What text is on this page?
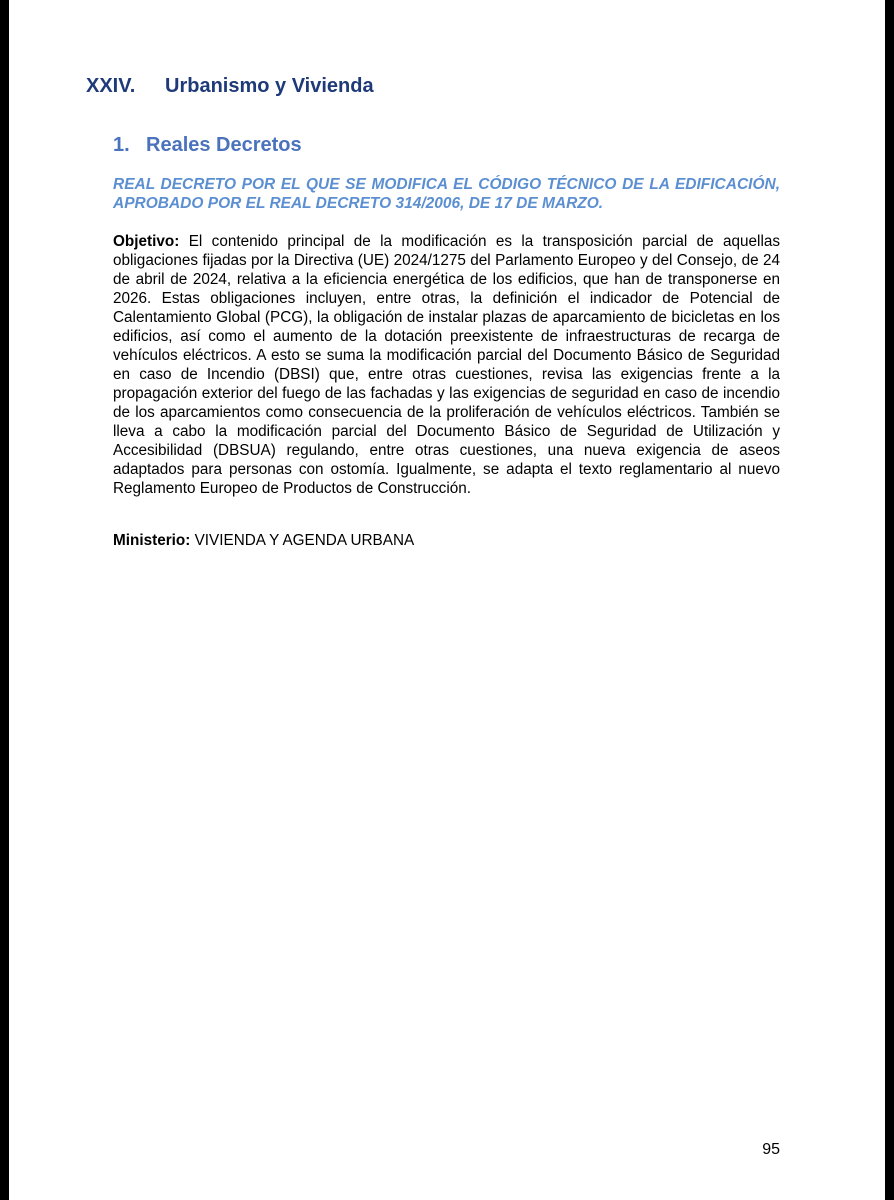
XXIV. Urbanismo y Vivienda
1. Reales Decretos

REAL DECRETO POR EL QUE SE MODIFICA EL CÓDIGO TÉCNICO DE LA EDIFICACIÓN, APROBADO POR EL REAL DECRETO 314/2006, DE 17 DE MARZO.

Objetivo: El contenido principal de la modificación es la transposición parcial de aquellas obligaciones fijadas por la Directiva (UE) 2024/1275 del Parlamento Europeo y del Consejo, de 24 de abril de 2024, relativa a la eficiencia energética de los edificios, que han de transponerse en 2026. Estas obligaciones incluyen, entre otras, la definición el indicador de Potencial de Calentamiento Global (PCG), la obligación de instalar plazas de aparcamiento de bicicletas en los edificios, así como el aumento de la dotación preexistente de infraestructuras de recarga de vehículos eléctricos. A esto se suma la modificación parcial del Documento Básico de Seguridad en caso de Incendio (DBSI) que, entre otras cuestiones, revisa las exigencias frente a la propagación exterior del fuego de las fachadas y las exigencias de seguridad en caso de incendio de los aparcamientos como consecuencia de la proliferación de vehículos eléctricos. También se lleva a cabo la modificación parcial del Documento Básico de Seguridad de Utilización y Accesibilidad (DBSUA) regulando, entre otras cuestiones, una nueva exigencia de aseos adaptados para personas con ostomía. Igualmente, se adapta el texto reglamentario al nuevo Reglamento Europeo de Productos de Construcción.

Ministerio: VIVIENDA Y AGENDA URBANA

95
